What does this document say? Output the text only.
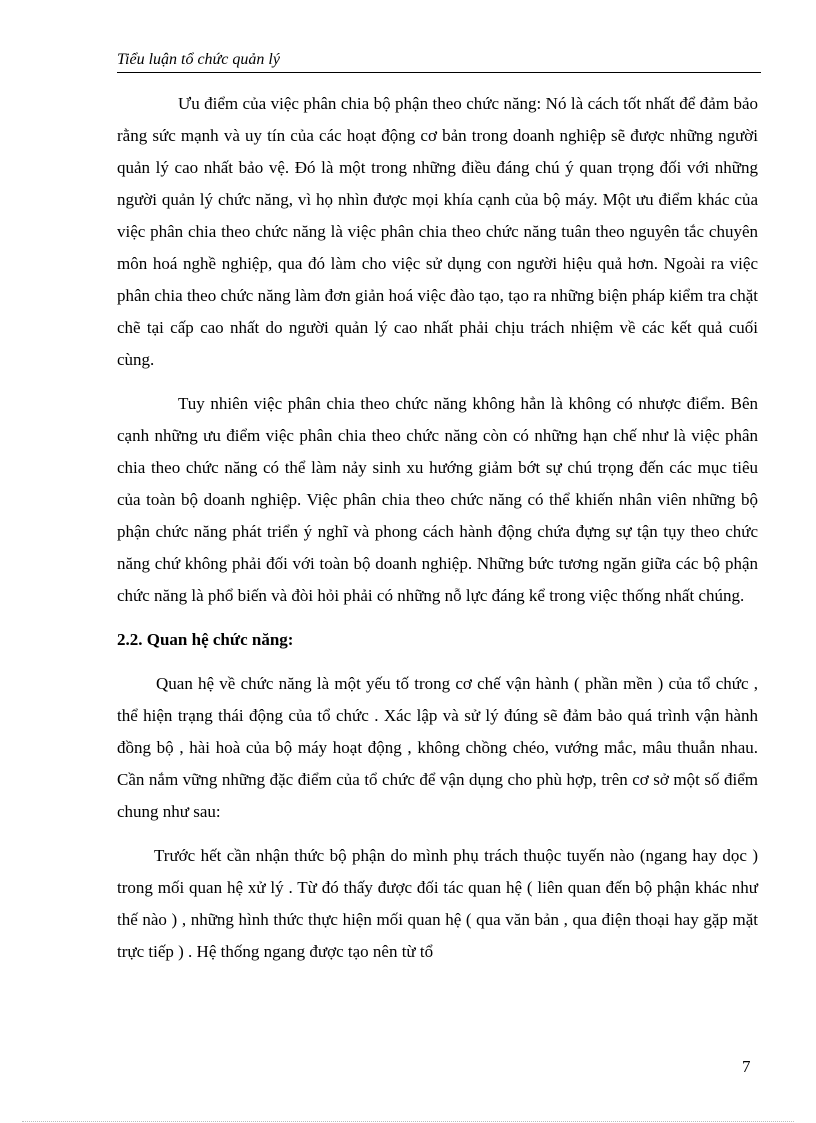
Tiểu luận tổ chức quản lý

Ưu điểm của việc phân chia bộ phận theo chức năng: Nó là cách tốt nhất để đảm bảo rằng sức mạnh và uy tín của các hoạt động cơ bản trong doanh nghiệp sẽ được những người quản lý cao nhất bảo vệ. Đó là một trong những điều đáng chú ý quan trọng đối với những người quản lý chức năng, vì họ nhìn được mọi khía cạnh của bộ máy. Một ưu điểm khác của việc phân chia theo chức năng là việc phân chia theo chức năng tuân theo nguyên tắc chuyên môn hoá nghề nghiệp, qua đó làm cho việc sử dụng con người hiệu quả hơn. Ngoài ra việc phân chia theo chức năng làm đơn giản hoá việc đào tạo, tạo ra những biện pháp kiểm tra chặt chẽ tại cấp cao nhất do người quản lý cao nhất phải chịu trách nhiệm về các kết quả cuối cùng.

Tuy nhiên việc phân chia theo chức năng không hẳn là không có nhược điểm. Bên cạnh những ưu điểm việc phân chia theo chức năng còn có những hạn chế như là việc phân chia theo chức năng có thể làm nảy sinh xu hướng giảm bớt sự chú trọng đến các mục tiêu của toàn bộ doanh nghiệp. Việc phân chia theo chức năng có thể khiến nhân viên những bộ phận chức năng phát triển ý nghĩ và phong cách hành động chứa đựng sự tận tụy theo chức năng chứ không phải đối với toàn bộ doanh nghiệp. Những bức tương ngăn giữa các bộ phận chức năng là phổ biến và đòi hỏi phải có những nỗ lực đáng kể trong việc thống nhất chúng.

2.2. Quan hệ chức năng:

Quan hệ về chức năng là một yếu tố trong cơ chế vận hành ( phần mền ) của tổ chức , thể hiện trạng thái động của tổ chức . Xác lập và sử lý đúng sẽ đảm bảo quá trình vận hành đồng bộ , hài hoà của bộ máy hoạt động , không chồng chéo, vướng mắc, mâu thuẫn nhau. Cần nắm vững những đặc điểm của tổ chức để vận dụng cho phù hợp, trên cơ sở một số điểm chung như sau:

Trước hết cần nhận thức bộ phận do mình phụ trách thuộc tuyến nào (ngang hay dọc ) trong mối quan hệ xử lý . Từ đó thấy được đối tác quan hệ ( liên quan đến bộ phận khác như thế nào ) , những hình thức thực hiện mối quan hệ ( qua văn bản , qua điện thoại hay gặp mặt trực tiếp ) . Hệ thống ngang được tạo nên từ tổ

7
